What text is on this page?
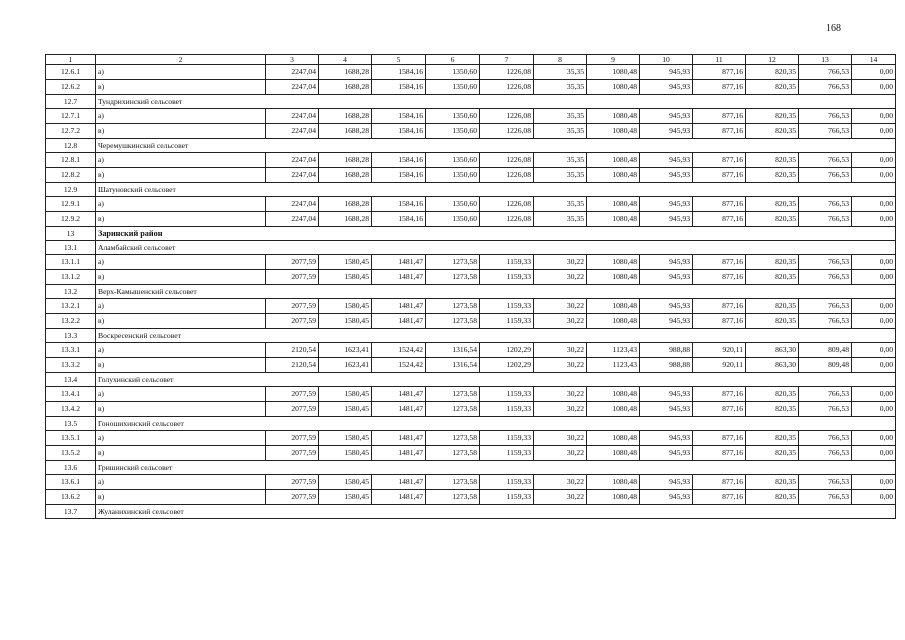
168
1	2	3	4	5	6	7	8	9	10	11	12	13	14
12.6.1	а)	2247,04	1688,28	1584,16	1350,60	1226,08	35,35	1080,48	945,93	877,16	820,35	766,53	0,00
12.6.2	в)	2247,04	1688,28	1584,16	1350,60	1226,08	35,35	1080,48	945,93	877,16	820,35	766,53	0,00
12.7	Тундрихинский сельсовет												
12.7.1	а)	2247,04	1688,28	1584,16	1350,60	1226,08	35,35	1080,48	945,93	877,16	820,35	766,53	0,00
12.7.2	в)	2247,04	1688,28	1584,16	1350,60	1226,08	35,35	1080,48	945,93	877,16	820,35	766,53	0,00
12.8	Черемушкинский сельсовет												
12.8.1	а)	2247,04	1688,28	1584,16	1350,60	1226,08	35,35	1080,48	945,93	877,16	820,35	766,53	0,00
12.8.2	в)	2247,04	1688,28	1584,16	1350,60	1226,08	35,35	1080,48	945,93	877,16	820,35	766,53	0,00
12.9	Шатуновский сельсовет												
12.9.1	а)	2247,04	1688,28	1584,16	1350,60	1226,08	35,35	1080,48	945,93	877,16	820,35	766,53	0,00
12.9.2	в)	2247,04	1688,28	1584,16	1350,60	1226,08	35,35	1080,48	945,93	877,16	820,35	766,53	0,00
13	Заринский район												
13.1	Аламбайский сельсовет												
13.1.1	а)	2077,59	1580,45	1481,47	1273,58	1159,33	30,22	1080,48	945,93	877,16	820,35	766,53	0,00
13.1.2	в)	2077,59	1580,45	1481,47	1273,58	1159,33	30,22	1080,48	945,93	877,16	820,35	766,53	0,00
13.2	Верх-Камышенский сельсовет												
13.2.1	а)	2077,59	1580,45	1481,47	1273,58	1159,33	30,22	1080,48	945,93	877,16	820,35	766,53	0,00
13.2.2	в)	2077,59	1580,45	1481,47	1273,58	1159,33	30,22	1080,48	945,93	877,16	820,35	766,53	0,00
13.3	Воскресенский сельсовет												
13.3.1	а)	2120,54	1623,41	1524,42	1316,54	1202,29	30,22	1123,43	988,88	920,11	863,30	809,48	0,00
13.3.2	в)	2120,54	1623,41	1524,42	1316,54	1202,29	30,22	1123,43	988,88	920,11	863,30	809,48	0,00
13.4	Голухинский сельсовет												
13.4.1	а)	2077,59	1580,45	1481,47	1273,58	1159,33	30,22	1080,48	945,93	877,16	820,35	766,53	0,00
13.4.2	в)	2077,59	1580,45	1481,47	1273,58	1159,33	30,22	1080,48	945,93	877,16	820,35	766,53	0,00
13.5	Гонoшихинский сельсовет												
13.5.1	а)	2077,59	1580,45	1481,47	1273,58	1159,33	30,22	1080,48	945,93	877,16	820,35	766,53	0,00
13.5.2	в)	2077,59	1580,45	1481,47	1273,58	1159,33	30,22	1080,48	945,93	877,16	820,35	766,53	0,00
13.6	Гришинский сельсовет												
13.6.1	а)	2077,59	1580,45	1481,47	1273,58	1159,33	30,22	1080,48	945,93	877,16	820,35	766,53	0,00
13.6.2	в)	2077,59	1580,45	1481,47	1273,58	1159,33	30,22	1080,48	945,93	877,16	820,35	766,53	0,00
13.7	Жуланихинский сельсовет												
